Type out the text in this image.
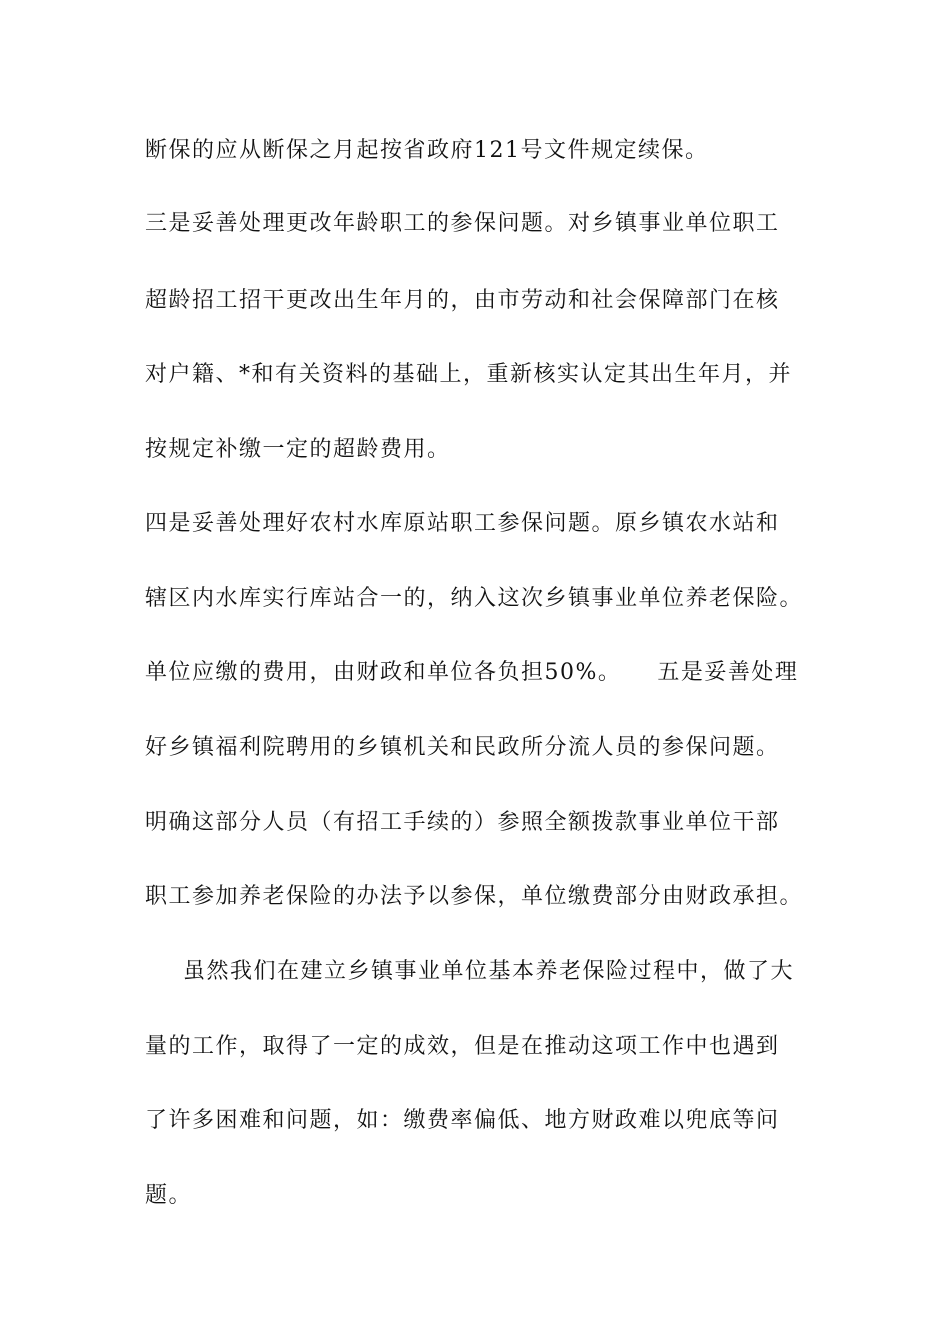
断保的应从断保之月起按省政府121号文件规定续保。

三是妥善处理更改年龄职工的参保问题。对乡镇事业单位职工

超龄招工招干更改出生年月的，由市劳动和社会保障部门在核

对户籍、*和有关资料的基础上，重新核实认定其出生年月，并

按规定补缴一定的超龄费用。

四是妥善处理好农村水库原站职工参保问题。原乡镇农水站和

辖区内水库实行库站合一的，纳入这次乡镇事业单位养老保险。

单位应缴的费用，由财政和单位各负担50%。　　五是妥善处理

好乡镇福利院聘用的乡镇机关和民政所分流人员的参保问题。

明确这部分人员（有招工手续的）参照全额拨款事业单位干部

职工参加养老保险的办法予以参保，单位缴费部分由财政承担。

虽然我们在建立乡镇事业单位基本养老保险过程中，做了大

量的工作，取得了一定的成效，但是在推动这项工作中也遇到

了许多困难和问题，如：缴费率偏低、地方财政难以兜底等问

题。
